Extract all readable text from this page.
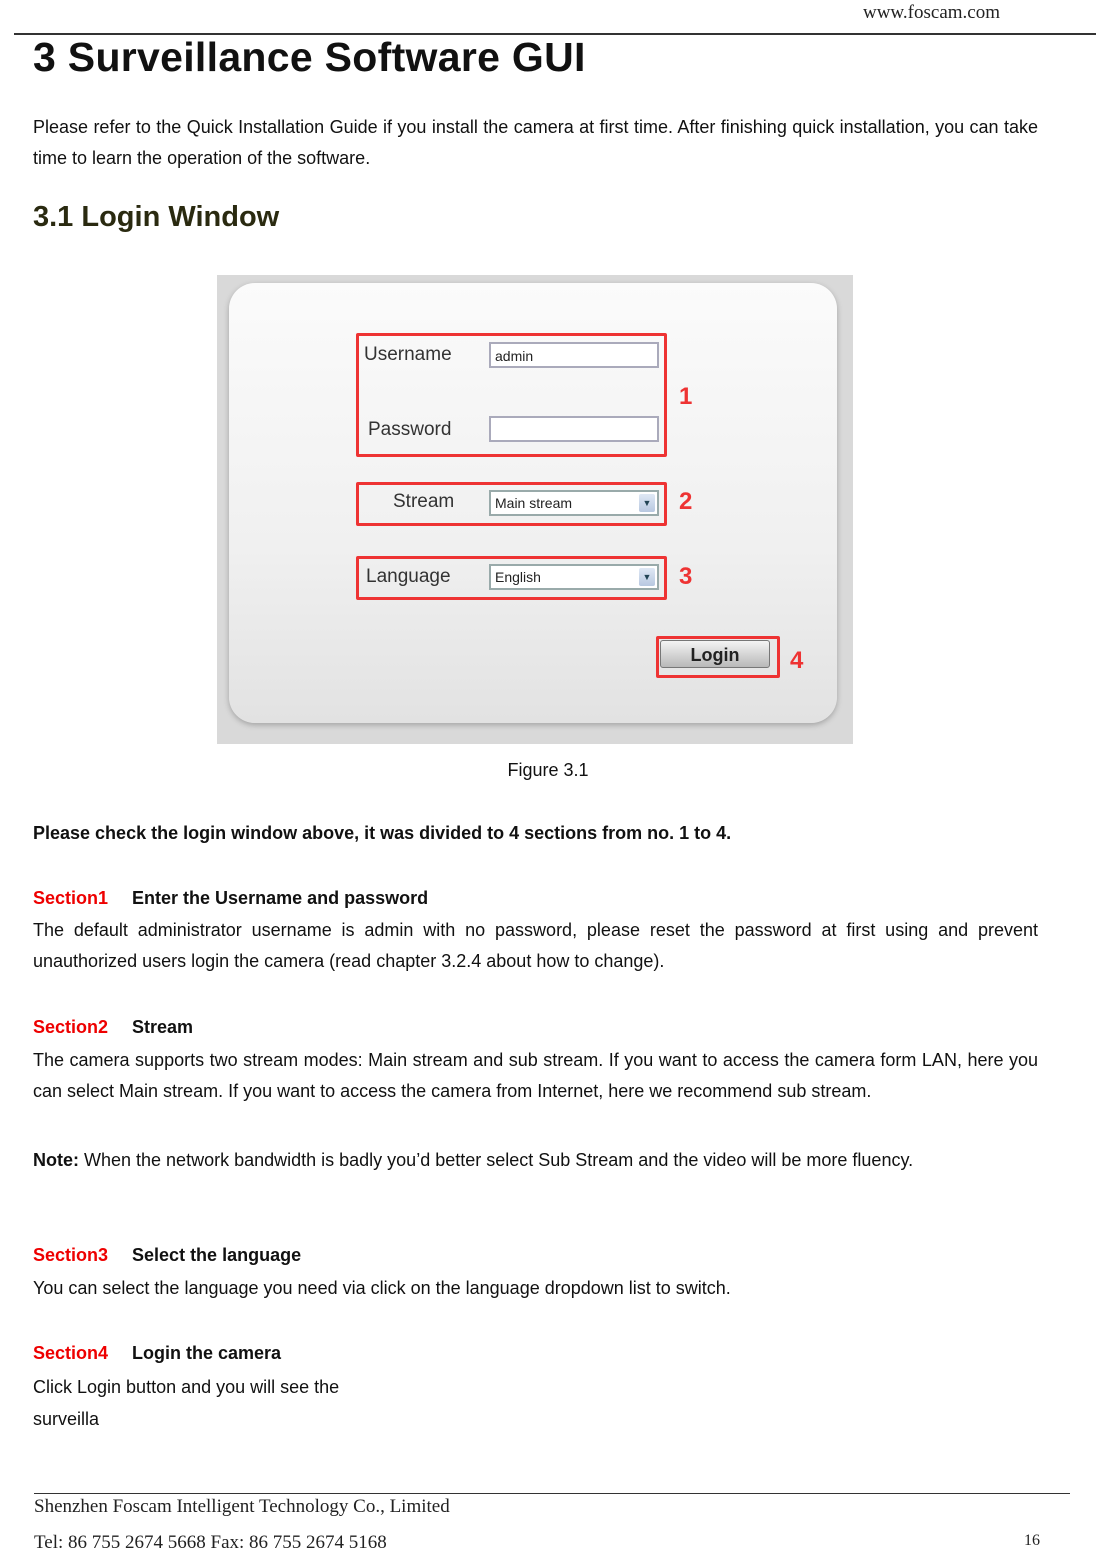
www.foscam.com
3 Surveillance Software GUI

Please refer to the Quick Installation Guide if you install the camera at first time. After finishing quick installation, you can take time to learn the operation of the software.

3.1 Login Window
Username	admin
Password
1
Stream	Main stream	▼ 2
Language	English	▼ 3
Login	4
Figure 3.1
Please check the login window above, it was divided to 4 sections from no. 1 to 4.
Section1 Enter the Username and password

The default administrator username is admin with no password, please reset the password at first using and prevent unauthorized users login the camera (read chapter 3.2.4 about how to change).

Section2 Stream

The camera supports two stream modes: Main stream and sub stream. If you want to access the camera form LAN, here you can select Main stream. If you want to access the camera from Internet, here we recommend sub stream.

Note: When the network bandwidth is badly you’d better select Sub Stream and the video will be more fluency.

Section3 Select the language

You can select the language you need via click on the language dropdown list to switch.

Section4 Login the camera

Click Login button and you will see the

surveilla

Shenzhen Foscam Intelligent Technology Co., Limited
Tel: 86 755 2674 5668 Fax: 86 755 2674 5168	16
